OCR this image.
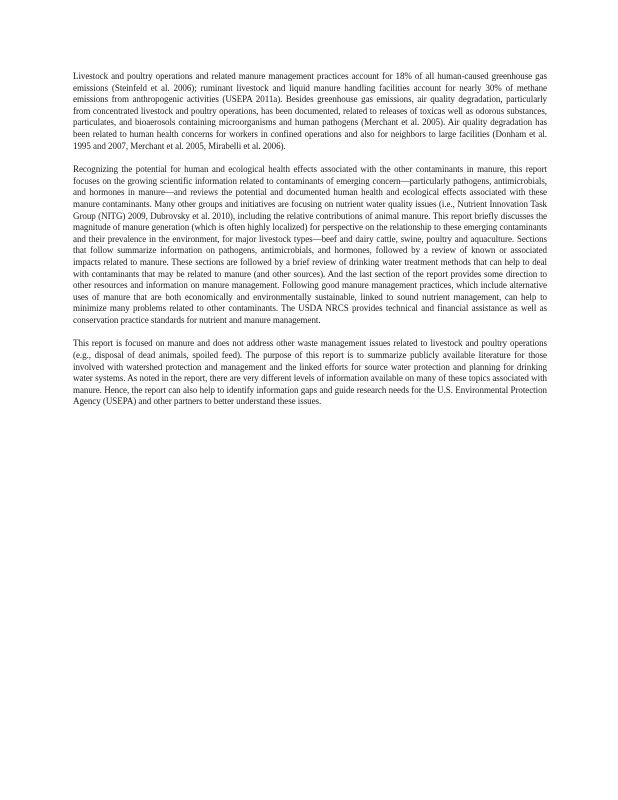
Livestock and poultry operations and related manure management practices account for 18% of all human-caused greenhouse gas emissions (Steinfeld et al. 2006); ruminant livestock and liquid manure handling facilities account for nearly 30% of methane emissions from anthropogenic activities (USEPA 2011a). Besides greenhouse gas emissions, air quality degradation, particularly from concentrated livestock and poultry operations, has been documented, related to releases of toxicas well as odorous substances, particulates, and bioaerosols containing microorganisms and human pathogens (Merchant et al. 2005). Air quality degradation has been related to human health concerns for workers in confined operations and also for neighbors to large facilities (Donham et al. 1995 and 2007, Merchant et al. 2005, Mirabelli et al. 2006).

Recognizing the potential for human and ecological health effects associated with the other contaminants in manure, this report focuses on the growing scientific information related to contaminants of emerging concern—particularly pathogens, antimicrobials, and hormones in manure—and reviews the potential and documented human health and ecological effects associated with these manure contaminants. Many other groups and initiatives are focusing on nutrient water quality issues (i.e., Nutrient Innovation Task Group (NITG) 2009, Dubrovsky et al. 2010), including the relative contributions of animal manure. This report briefly discusses the magnitude of manure generation (which is often highly localized) for perspective on the relationship to these emerging contaminants and their prevalence in the environment, for major livestock types—beef and dairy cattle, swine, poultry and aquaculture. Sections that follow summarize information on pathogens, antimicrobials, and hormones, followed by a review of known or associated impacts related to manure. These sections are followed by a brief review of drinking water treatment methods that can help to deal with contaminants that may be related to manure (and other sources). And the last section of the report provides some direction to other resources and information on manure management. Following good manure management practices, which include alternative uses of manure that are both economically and environmentally sustainable, linked to sound nutrient management, can help to minimize many problems related to other contaminants. The USDA NRCS provides technical and financial assistance as well as conservation practice standards for nutrient and manure management.

This report is focused on manure and does not address other waste management issues related to livestock and poultry operations (e.g., disposal of dead animals, spoiled feed). The purpose of this report is to summarize publicly available literature for those involved with watershed protection and management and the linked efforts for source water protection and planning for drinking water systems. As noted in the report, there are very different levels of information available on many of these topics associated with manure. Hence, the report can also help to identify information gaps and guide research needs for the U.S. Environmental Protection Agency (USEPA) and other partners to better understand these issues.
